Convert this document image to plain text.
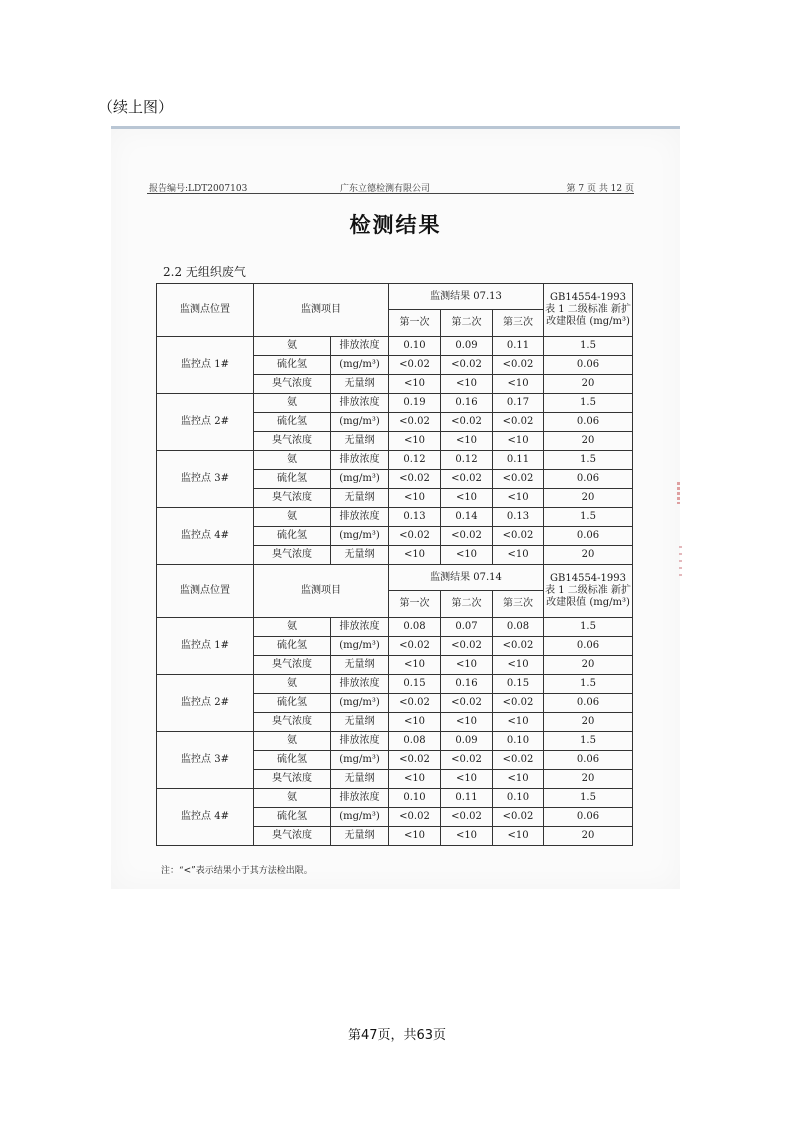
（续上图）
报告编号:LDT2007103	广东立德检测有限公司	第 7 页 共 12 页
检测结果
2.2 无组织废气
监测点位置	监测项目		监测结果 07.13			GB14554-1993 表 1 二级标准 新扩改建限值 (mg/m³)
			第一次	第二次	第三次	
监控点 1#	氨	排放浓度	0.10	0.09	0.11	1.5
	硫化氢	(mg/m³)	<0.02	<0.02	<0.02	0.06
	臭气浓度	无量纲	<10	<10	<10	20
监控点 2#	氨	排放浓度	0.19	0.16	0.17	1.5
	硫化氢	(mg/m³)	<0.02	<0.02	<0.02	0.06
	臭气浓度	无量纲	<10	<10	<10	20
监控点 3#	氨	排放浓度	0.12	0.12	0.11	1.5
	硫化氢	(mg/m³)	<0.02	<0.02	<0.02	0.06
	臭气浓度	无量纲	<10	<10	<10	20
监控点 4#	氨	排放浓度	0.13	0.14	0.13	1.5
	硫化氢	(mg/m³)	<0.02	<0.02	<0.02	0.06
	臭气浓度	无量纲	<10	<10	<10	20
监测点位置	监测项目		监测结果 07.14			GB14554-1993 表 1 二级标准 新扩改建限值 (mg/m³)
			第一次	第二次	第三次	
监控点 1#	氨	排放浓度	0.08	0.07	0.08	1.5
	硫化氢	(mg/m³)	<0.02	<0.02	<0.02	0.06
	臭气浓度	无量纲	<10	<10	<10	20
监控点 2#	氨	排放浓度	0.15	0.16	0.15	1.5
	硫化氢	(mg/m³)	<0.02	<0.02	<0.02	0.06
	臭气浓度	无量纲	<10	<10	<10	20
监控点 3#	氨	排放浓度	0.08	0.09	0.10	1.5
	硫化氢	(mg/m³)	<0.02	<0.02	<0.02	0.06
	臭气浓度	无量纲	<10	<10	<10	20
监控点 4#	氨	排放浓度	0.10	0.11	0.10	1.5
	硫化氢	(mg/m³)	<0.02	<0.02	<0.02	0.06
	臭气浓度	无量纲	<10	<10	<10	20
注：“<”表示结果小于其方法检出限。
第47页，共63页
